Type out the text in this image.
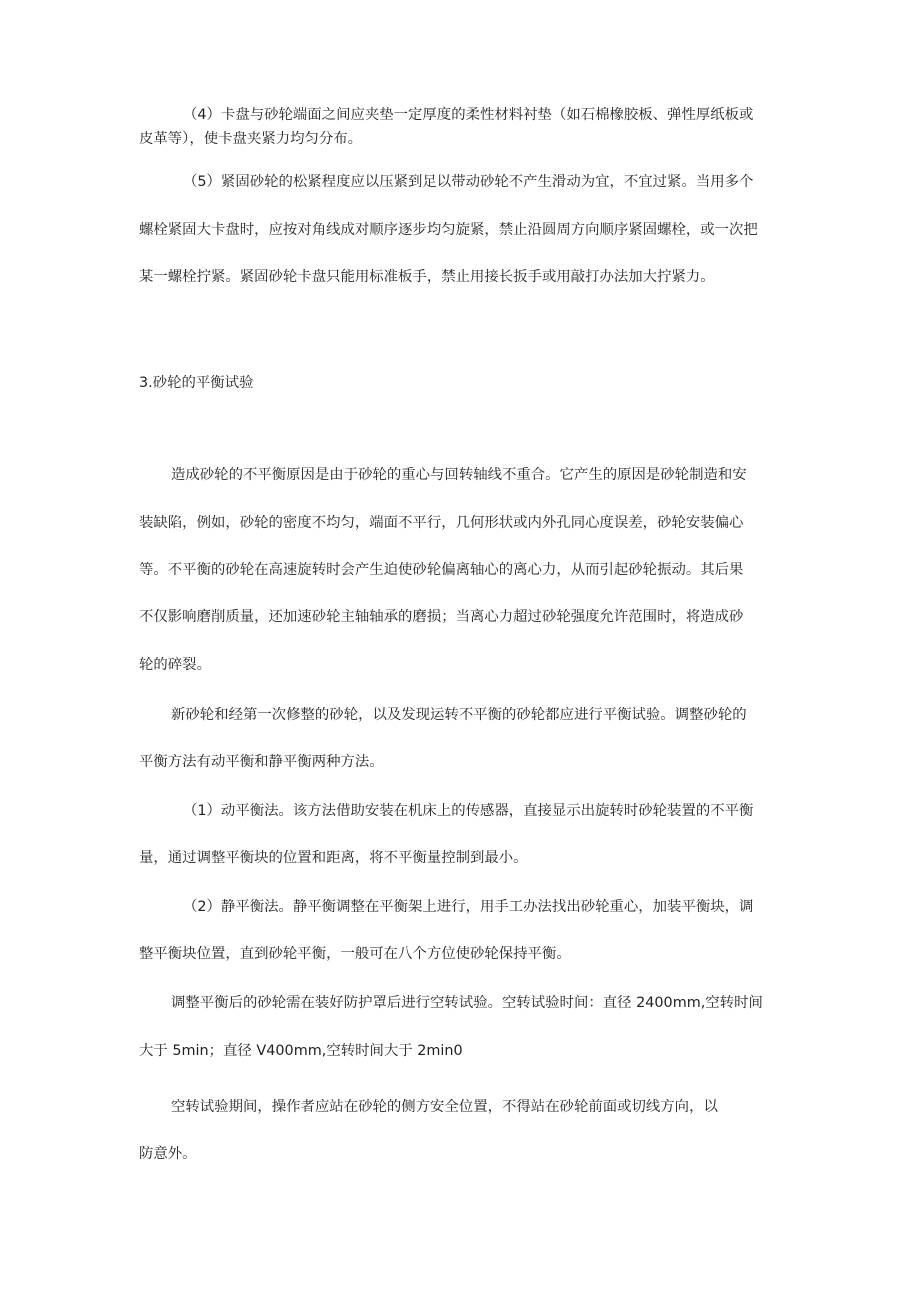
（4）卡盘与砂轮端面之间应夹垫一定厚度的柔性材料衬垫（如石棉橡胶板、弹性厚纸板或

皮革等），使卡盘夹紧力均匀分布。

（5）紧固砂轮的松紧程度应以压紧到足以带动砂轮不产生滑动为宜，不宜过紧。当用多个

螺栓紧固大卡盘时，应按对角线成对顺序逐步均匀旋紧，禁止沿圆周方向顺序紧固螺栓，或一次把

某一螺栓拧紧。紧固砂轮卡盘只能用标准板手，禁止用接长扳手或用敲打办法加大拧紧力。

3.砂轮的平衡试验

造成砂轮的不平衡原因是由于砂轮的重心与回转轴线不重合。它产生的原因是砂轮制造和安

装缺陷，例如，砂轮的密度不均匀，端面不平行，几何形状或内外孔同心度误差，砂轮安装偏心

等。不平衡的砂轮在高速旋转时会产生迫使砂轮偏离轴心的离心力，从而引起砂轮振动。其后果

不仅影响磨削质量，还加速砂轮主轴轴承的磨损；当离心力超过砂轮强度允许范围时，将造成砂

轮的碎裂。

新砂轮和经第一次修整的砂轮，以及发现运转不平衡的砂轮都应进行平衡试验。调整砂轮的

平衡方法有动平衡和静平衡两种方法。

（1）动平衡法。该方法借助安装在机床上的传感器，直接显示出旋转时砂轮装置的不平衡

量，通过调整平衡块的位置和距离，将不平衡量控制到最小。

（2）静平衡法。静平衡调整在平衡架上进行，用手工办法找出砂轮重心，加装平衡块，调

整平衡块位置，直到砂轮平衡，一般可在八个方位使砂轮保持平衡。

调整平衡后的砂轮需在装好防护罩后进行空转试验。空转试验时间：直径 2400mm,空转时间

大于 5min；直径 V400mm,空转时间大于 2min0

空转试验期间，操作者应站在砂轮的侧方安全位置，不得站在砂轮前面或切线方向，以

防意外。
